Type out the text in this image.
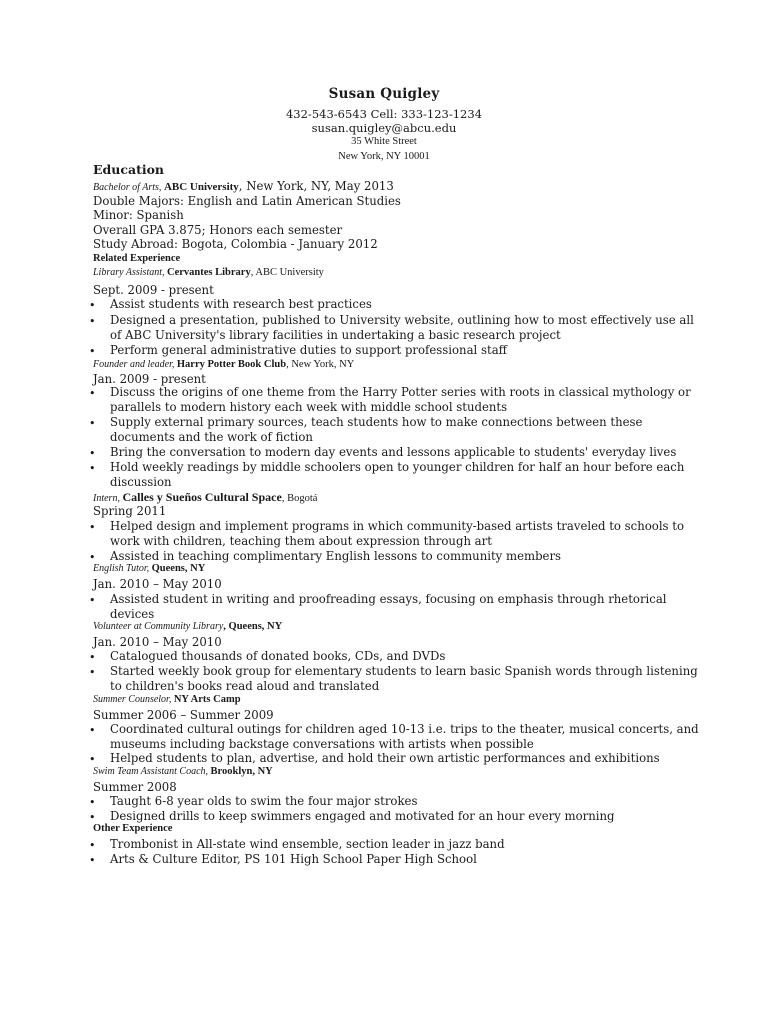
Susan Quigley
432-543-6543 Cell: 333-123-1234
susan.quigley@abcu.edu
35 White Street
New York, NY 10001
Education
Bachelor of Arts, ABC University, New York, NY, May 2013
Double Majors: English and Latin American Studies
Minor: Spanish
Overall GPA 3.875; Honors each semester
Study Abroad: Bogota, Colombia - January 2012
Related Experience
Library Assistant, Cervantes Library, ABC University
Sept. 2009 - present
• Assist students with research best practices
• Designed a presentation, published to University website, outlining how to most effectively use all
of ABC University's library facilities in undertaking a basic research project
• Perform general administrative duties to support professional staff
Founder and leader, Harry Potter Book Club, New York, NY
Jan. 2009 - present
• Discuss the origins of one theme from the Harry Potter series with roots in classical mythology or
parallels to modern history each week with middle school students
• Supply external primary sources, teach students how to make connections between these
documents and the work of fiction
• Bring the conversation to modern day events and lessons applicable to students' everyday lives
• Hold weekly readings by middle schoolers open to younger children for half an hour before each
discussion
Intern, Calles y Sueños Cultural Space, Bogotá
Spring 2011
• Helped design and implement programs in which community-based artists traveled to schools to
work with children, teaching them about expression through art
• Assisted in teaching complimentary English lessons to community members
English Tutor, Queens, NY
Jan. 2010 – May 2010
• Assisted student in writing and proofreading essays, focusing on emphasis through rhetorical
devices
Volunteer at Community Library, Queens, NY
Jan. 2010 – May 2010
• Catalogued thousands of donated books, CDs, and DVDs
• Started weekly book group for elementary students to learn basic Spanish words through listening
to children's books read aloud and translated
Summer Counselor, NY Arts Camp
Summer 2006 – Summer 2009
• Coordinated cultural outings for children aged 10-13 i.e. trips to the theater, musical concerts, and
museums including backstage conversations with artists when possible
• Helped students to plan, advertise, and hold their own artistic performances and exhibitions
Swim Team Assistant Coach, Brooklyn, NY
Summer 2008
• Taught 6-8 year olds to swim the four major strokes
• Designed drills to keep swimmers engaged and motivated for an hour every morning
Other Experience
• Trombonist in All-state wind ensemble, section leader in jazz band
• Arts & Culture Editor, PS 101 High School Paper High School
